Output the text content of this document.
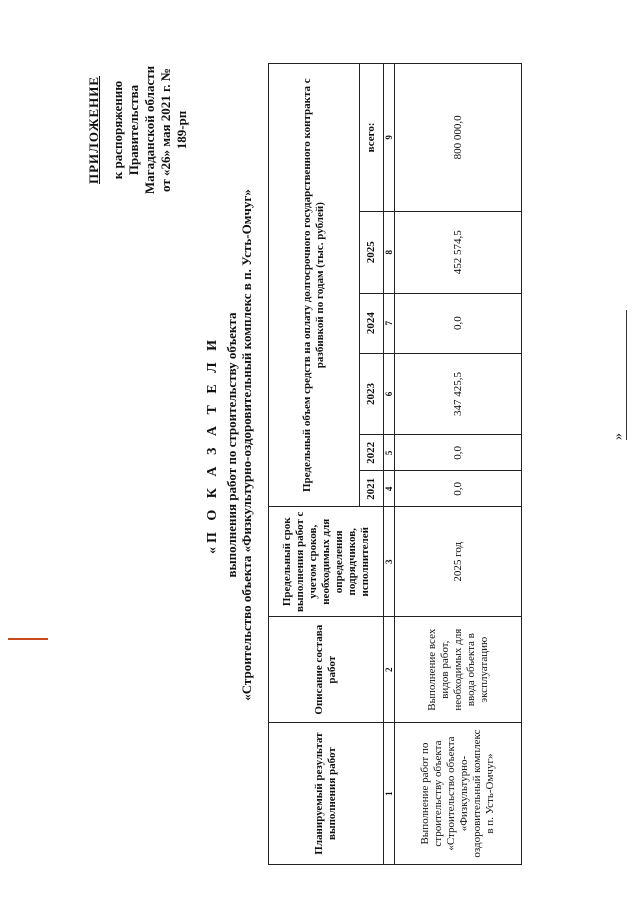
ПРИЛОЖЕНИЕ к распоряжению Правительства Магаданской области от «26» мая 2021 г. № 189-рп
«П О К А З А Т Е Л И выполнения работ по строительству объекта «Строительство объекта «Физкультурно-оздоровительный комплекс в п. Усть-Омчуг»
Планируемый результат выполнения работ	Описание состава работ	Предельный срок выполнения работ с учетом сроков, необходимых для определения подрядчиков, исполнителей	Предельный объем средств на оплату долгосрочного государственного контракта с разбивкой по годам (тыс. рублей)					
			2021	2022	2023	2024	2025	всего:
1	2	3	4	5	6	7	8	9
Выполнение работ по строительству объекта «Строительство объекта «Физкультурно-оздоровительный комплекс в п. Усть-Омчуг»	Выполнение всех видов работ, необходимых для ввода объекта в эксплуатацию	2025 год	0,0	0,0	347 425,5	0,0	452 574,5	800 000,0
»
